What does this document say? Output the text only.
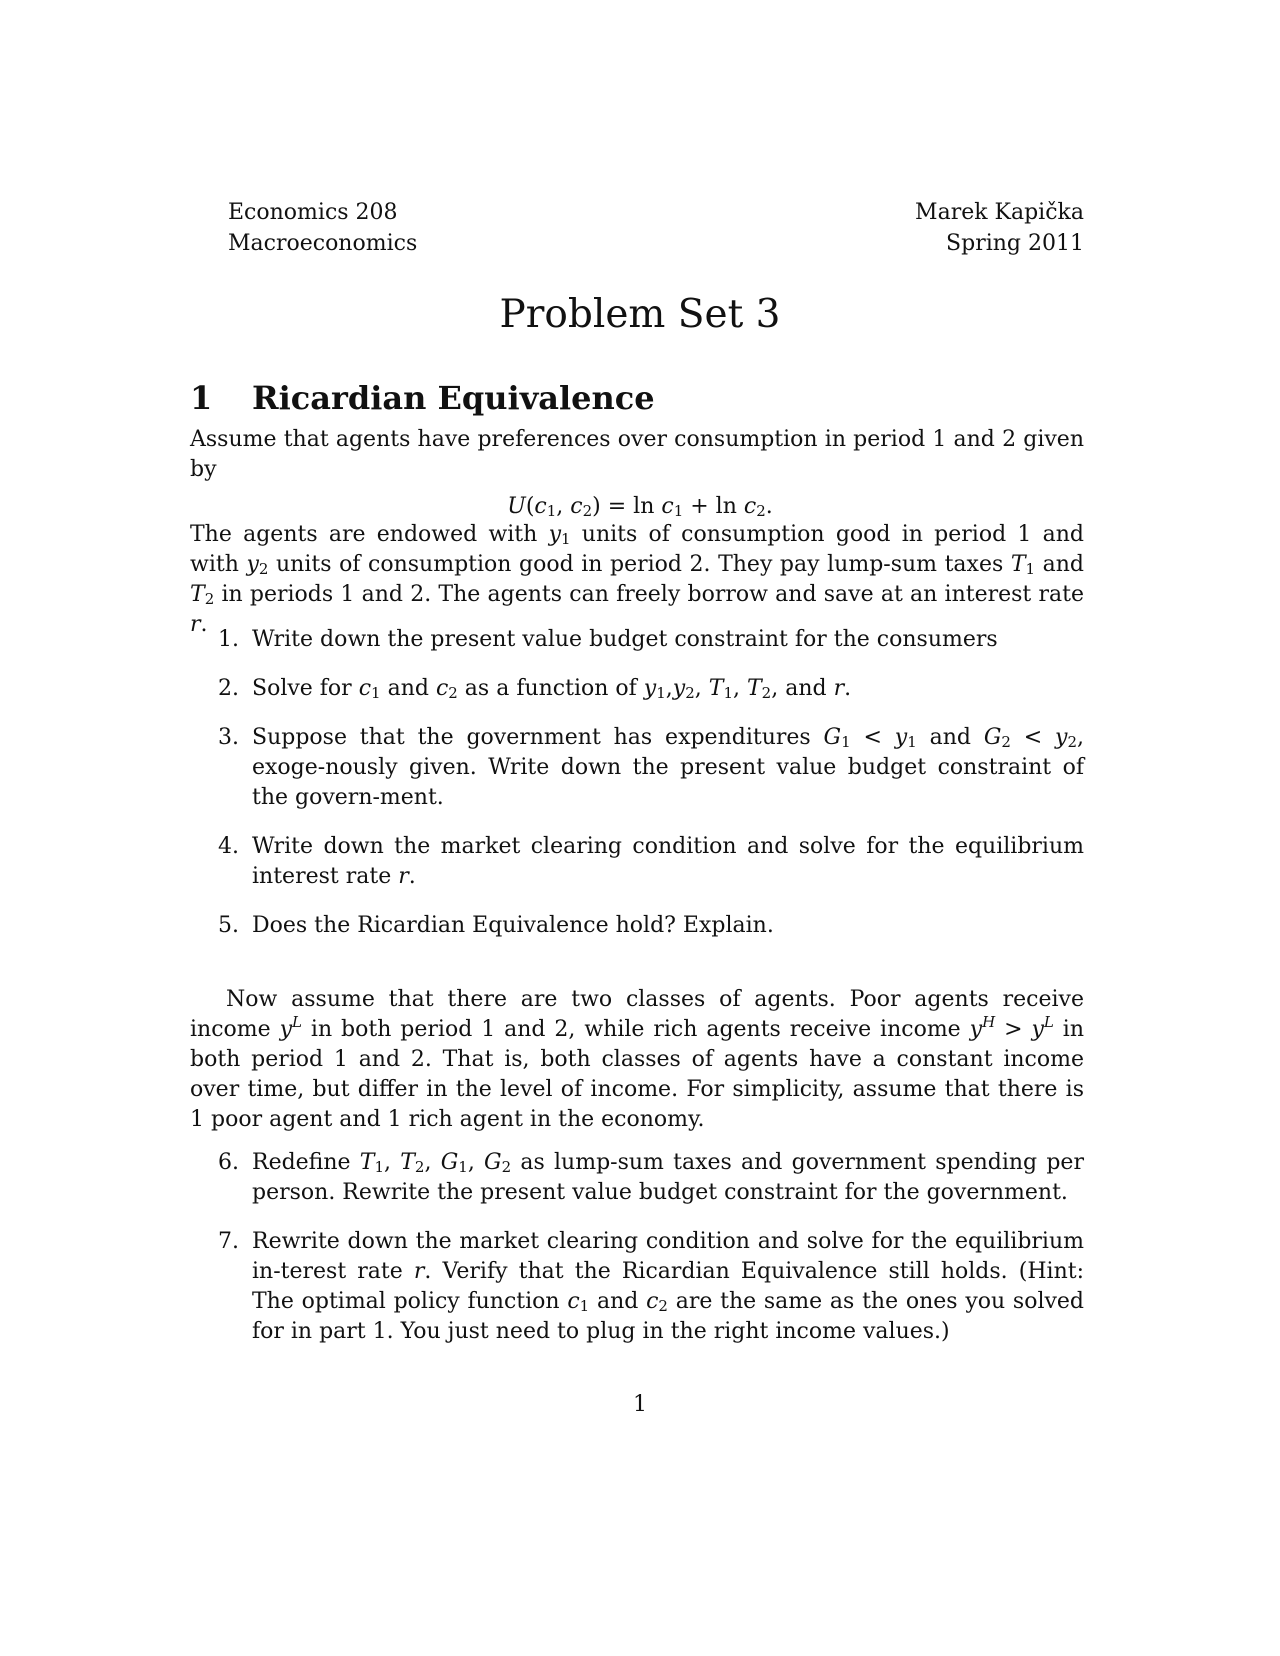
Economics 208
Macroeconomics
Marek Kapička
Spring 2011
Problem Set 3
1 Ricardian Equivalence
Assume that agents have preferences over consumption in period 1 and 2 given by
$U(c_1$, $c_2) = \ln c_1 + \ln c_2$.
The agents are endowed with $y_1$ units of consumption good in period 1 and with $y_2$ units of consumption good in period 2. They pay lump-sum taxes $T_1$ and $T_2$ in periods 1 and 2. The agents can freely borrow and save at an interest rate r.
1. Write down the present value budget constraint for the consumers
2. Solve for $c_1$ and $c_2$ as a function of $y_1,y_2$, $T_1$, $T_2$, and r.
3. Suppose that the government has expenditures $G_1 < y_1$ and $G_2 < y_2$, exoge-nously given. Write down the present value budget constraint of the govern-ment.
4. Write down the market clearing condition and solve for the equilibrium interest rate r.
5. Does the Ricardian Equivalence hold? Explain.
Now assume that there are two classes of agents. Poor agents receive income $y^L$ in both period 1 and 2, while rich agents receive income $y^H > y^L$ in both period 1 and 2. That is, both classes of agents have a constant income over time, but differ in the level of income. For simplicity, assume that there is 1 poor agent and 1 rich agent in the economy.
6. Redefine $T_1$, $T_2$, $G_1$, $G_2$ as lump-sum taxes and government spending per person. Rewrite the present value budget constraint for the government.
7. Rewrite down the market clearing condition and solve for the equilibrium in-terest rate r. Verify that the Ricardian Equivalence still holds. (Hint: The optimal policy function $c_1$ and $c_2$ are the same as the ones you solved for in part 1. You just need to plug in the right income values.)
1
